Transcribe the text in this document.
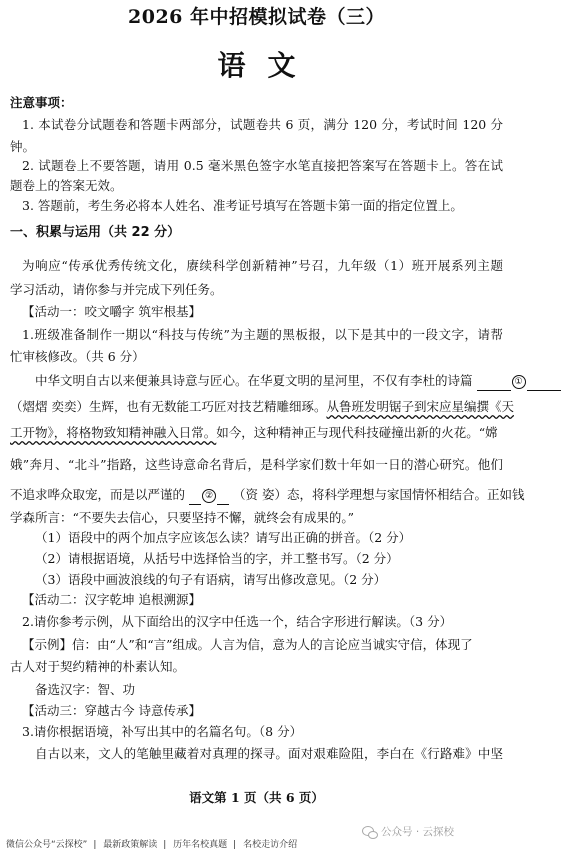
2026 年中招模拟试卷（三）
语文
注意事项：
1. 本试卷分试题卷和答题卡两部分，试题卷共 6 页，满分 120 分，考试时间 120 分
钟。
2. 试题卷上不要答题，请用 0.5 毫米黑色签字水笔直接把答案写在答题卡上。答在试
题卷上的答案无效。
3. 答题前，考生务必将本人姓名、准考证号填写在答题卡第一面的指定位置上。
一、积累与运用（共 22 分）
为响应“传承优秀传统文化，赓续科学创新精神”号召，九年级（1）班开展系列主题
学习活动，请你参与并完成下列任务。
【活动一：咬文嚼字 筑牢根基】
1.班级准备制作一期以“科技与传统”为主题的黑板报，以下是其中的一段文字，请帮
忙审核修改。（共 6 分）
中华文明自古以来便兼具诗意与匠心。在华夏文明的星河里，不仅有李杜的诗篇	①
（熠熠 奕奕）生辉，也有无数能工巧匠对技艺精雕细琢。从鲁班发明锯子到宋应星编撰《天
工开物》，将格物致知精神融入日常。如今，这种精神正与现代科技碰撞出新的火花。“嫦
娥”奔月、“北斗”指路，这些诗意命名背后，是科学家们数十年如一日的潜心研究。他们
不追求哗众取宠，而是以严谨的 ② （资 姿）态，将科学理想与家国情怀相结合。正如钱
学森所言：“不要失去信心，只要坚持不懈，就终会有成果的。”
（1）语段中的两个加点字应该怎么读？请写出正确的拼音。（2 分）
（2）请根据语境，从括号中选择恰当的字，并工整书写。（2 分）
（3）语段中画波浪线的句子有语病，请写出修改意见。（2 分）
【活动二：汉字乾坤 追根溯源】
2.请你参考示例，从下面给出的汉字中任选一个，结合字形进行解读。（3 分）
【示例】信：由“人”和“言”组成。人言为信，意为人的言论应当诚实守信，体现了
古人对于契约精神的朴素认知。
备选汉字：智、功
【活动三：穿越古今 诗意传承】
3.请你根据语境，补写出其中的名篇名句。（8 分）
自古以来，文人的笔触里藏着对真理的探寻。面对艰难险阻，李白在《行路难》中坚
语文第 1 页（共 6 页）
公众号 · 云探校
微信公众号“云探校” | 最新政策解读 | 历年名校真题 | 名校走访介绍
